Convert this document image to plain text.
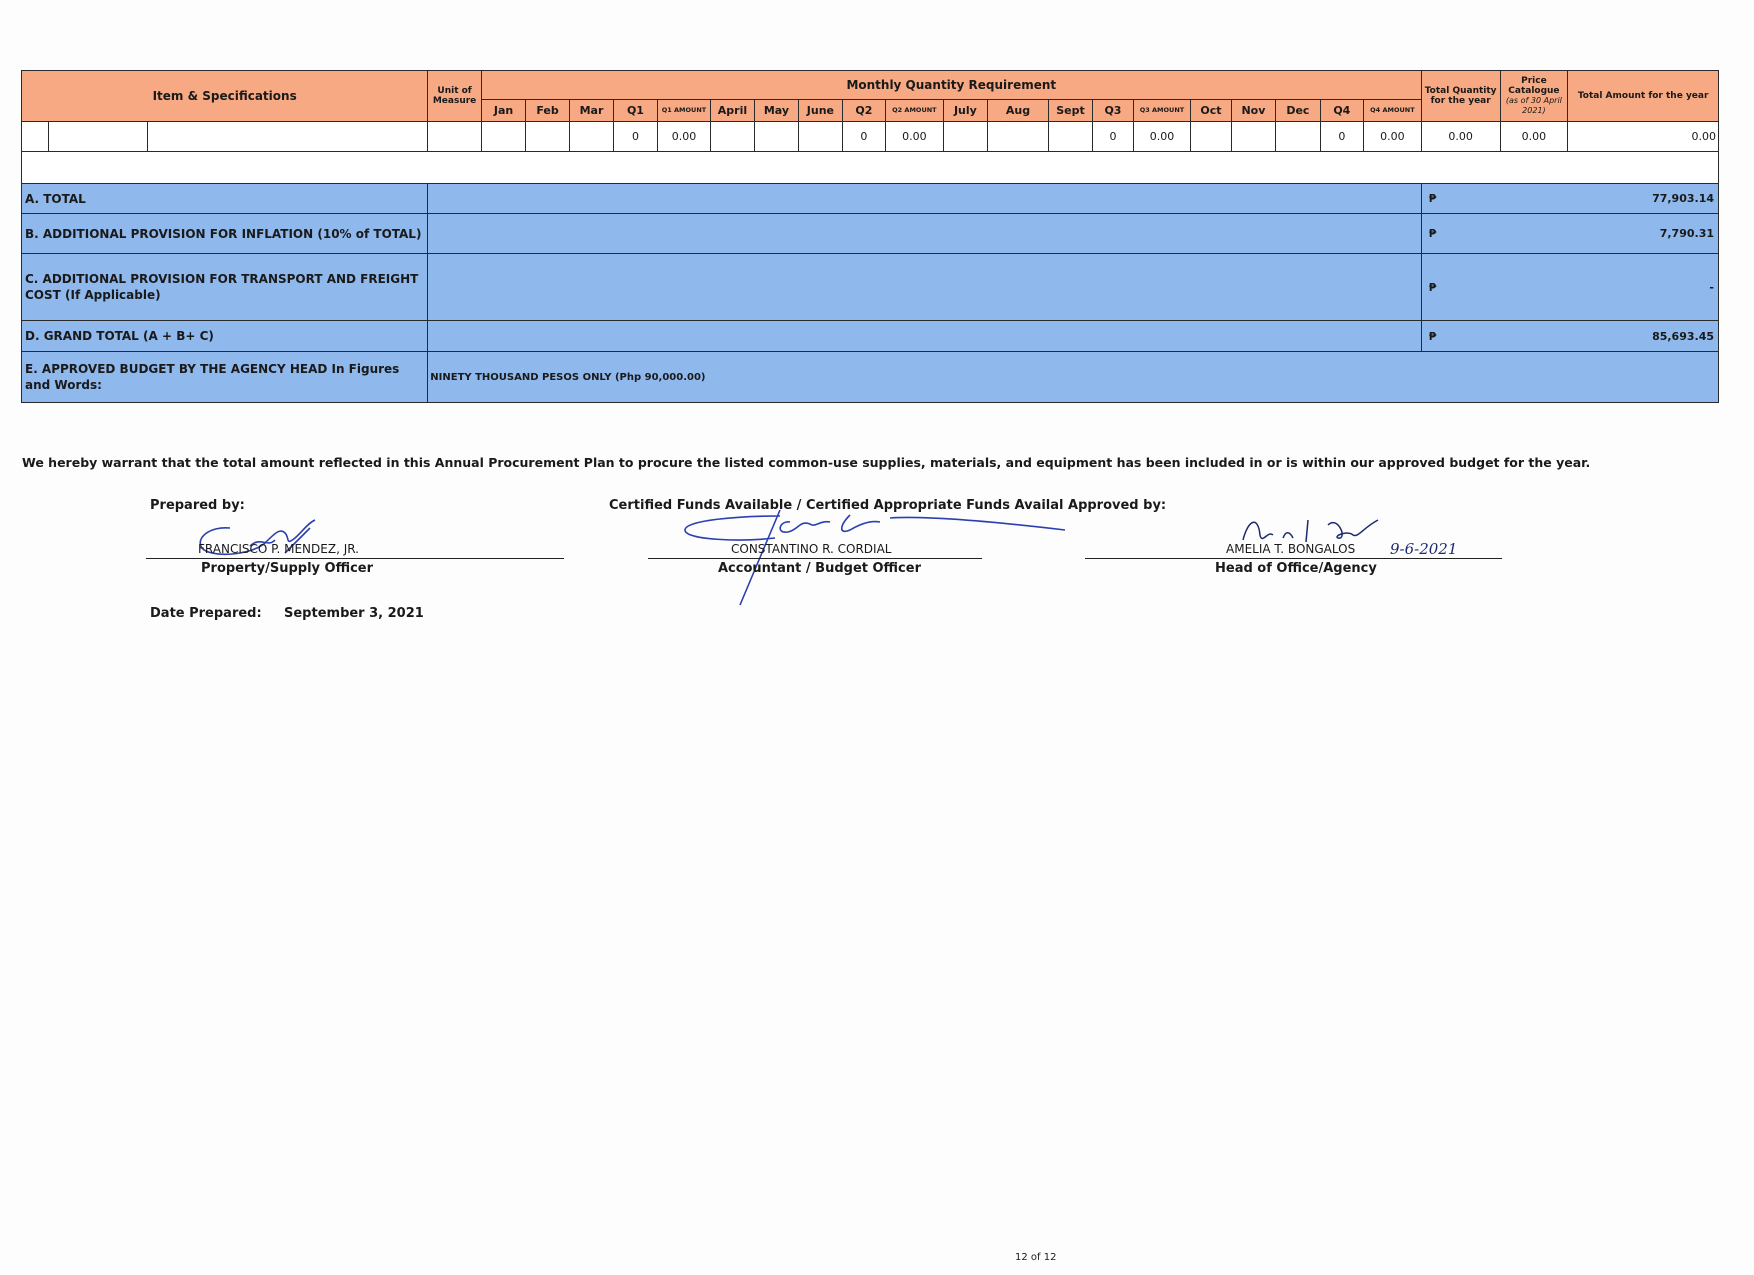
Item & Specifications			Unit of Measure	Monthly Quantity Requirement																				Total Quantity for the year	Price Catalogue
(as of 30 April 2021)	Total Amount for the year
				Jan	Feb	Mar	Q1	Q1 AMOUNT	April	May	June	Q2	Q2 AMOUNT	July	Aug	Sept	Q3	Q3 AMOUNT	Oct	Nov	Dec	Q4	Q4 AMOUNT			
							0	0.00				0	0.00				0	0.00				0	0.00	0.00	0.00	0.00

A. TOTAL																								₱	77,903.14	
B. ADDITIONAL PROVISION FOR INFLATION (10% of TOTAL)																								₱	7,790.31	
C. ADDITIONAL PROVISION FOR TRANSPORT AND FREIGHT COST (If Applicable)																								₱	-	
D. GRAND TOTAL (A + B+ C)																								₱	85,693.45	
E. APPROVED BUDGET BY THE AGENCY HEAD In Figures and Words:			NINETY THOUSAND PESOS ONLY (Php 90,000.00)																							
We hereby warrant that the total amount reflected in this Annual Procurement Plan to procure the listed common-use supplies, materials, and equipment has been included in or is within our approved budget for the year.
Prepared by:
FRANCISCO P. MENDEZ, JR.
Property/Supply Officer
Certified Funds Available / Certified Appropriate Funds Availal Approved by:
CONSTANTINO R. CORDIAL
Accountant / Budget Officer
AMELIA T. BONGALOS 9-6-2021
Head of Office/Agency
Date Prepared: September 3, 2021
12 of 12
